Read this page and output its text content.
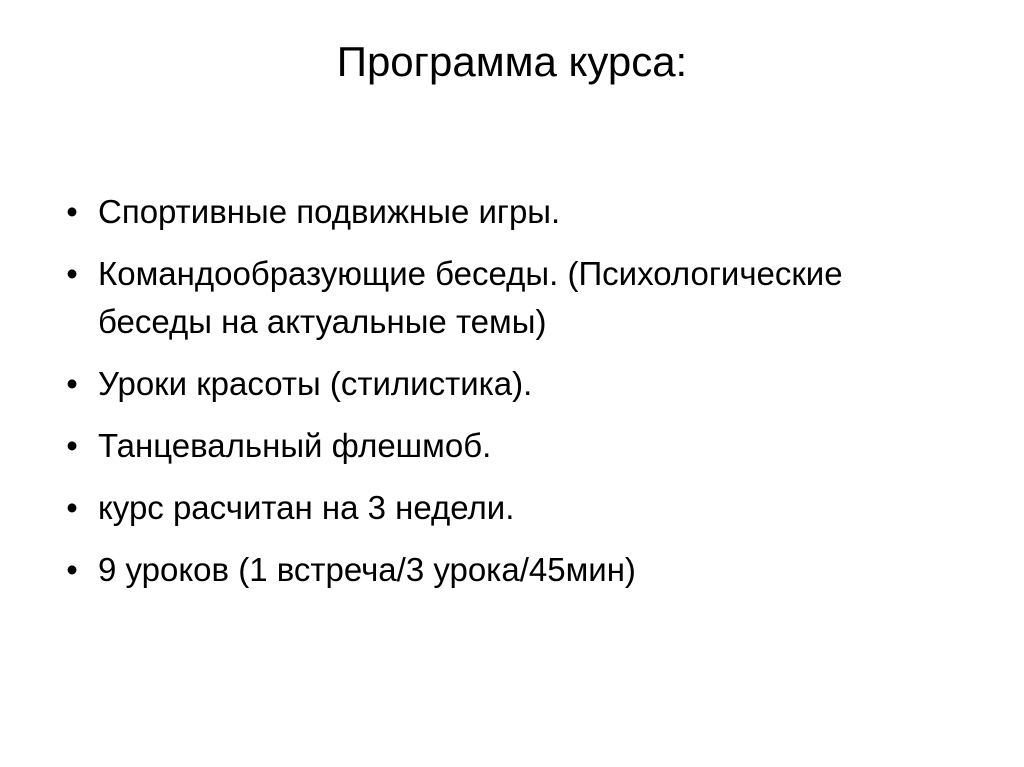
Программа курса:
• Спортивные подвижные игры.
• Командообразующие беседы. (Психологические беседы на актуальные темы)
• Уроки красоты (стилистика).
• Танцевальный флешмоб.
• курс расчитан на 3 недели.
• 9 уроков (1 встреча/3 урока/45мин)
